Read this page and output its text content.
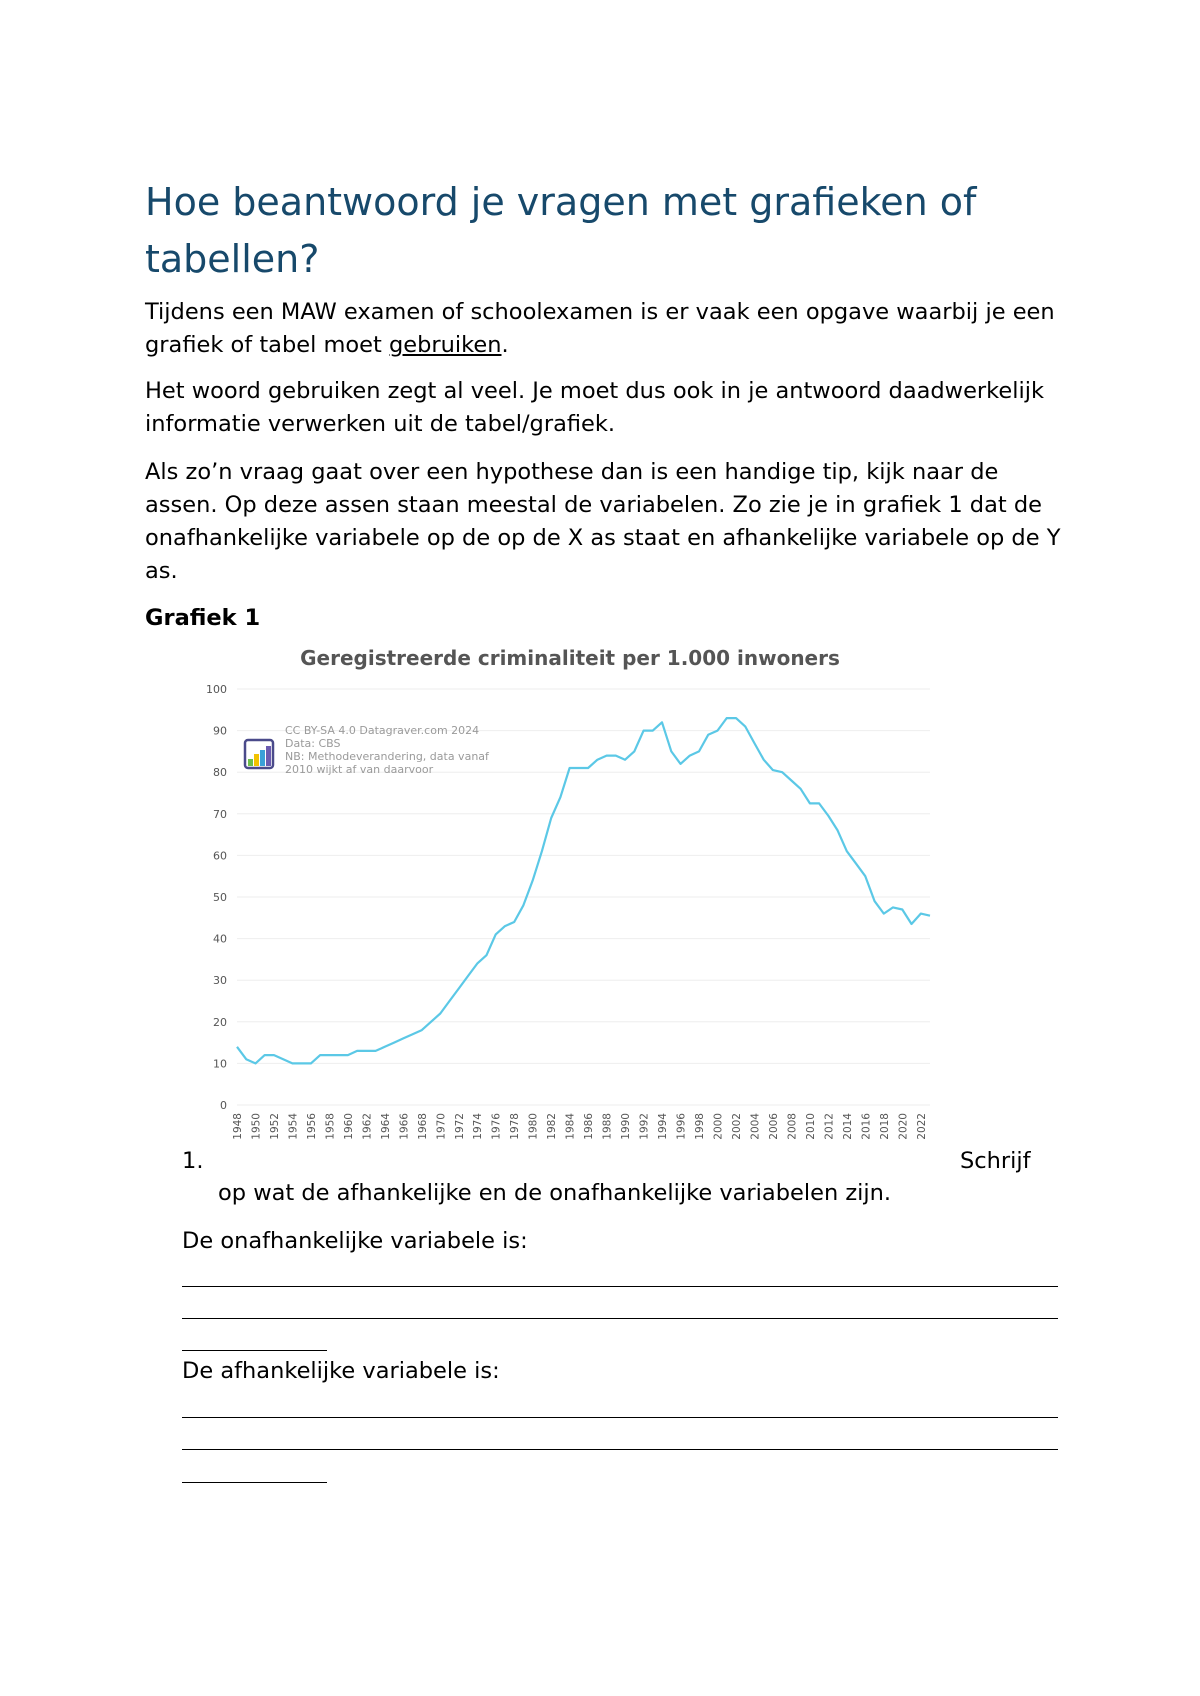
Hoe beantwoord je vragen met grafieken of tabellen?

Tijdens een MAW examen of schoolexamen is er vaak een opgave waarbij je een grafiek of tabel moet gebruiken.

Het woord gebruiken zegt al veel. Je moet dus ook in je antwoord daadwerkelijk informatie verwerken uit de tabel/grafiek.

Als zo’n vraag gaat over een hypothese dan is een handige tip, kijk naar de assen. Op deze assen staan meestal de variabelen. Zo zie je in grafiek 1 dat de onafhankelijke variabele op de op de X as staat en afhankelijke variabele op de Y as.

Grafiek 1

Geregistreerde criminaliteit per 1.000 inwoners
0
10
20
30
40
50
60
70
80
90
100
1948 1950 1952 1954 1956 1958 1960 1962 1964 1966 1968 1970 1972 1974 1976 1978 1980 1982 1984 1986 1988 1990 1992 1994 1996 1998 2000 2002 2004 2006 2008 2010 2012 2014 2016 2018 2020 2022
CC BY-SA 4.0 Datagraver.com 2024
Data: CBS
NB: Methodeverandering, data vanaf
2010 wijkt af van daarvoor
1.	Schrijf
op wat de afhankelijke en de onafhankelijke variabelen zijn.
De onafhankelijke variabele is:
De afhankelijke variabele is:
